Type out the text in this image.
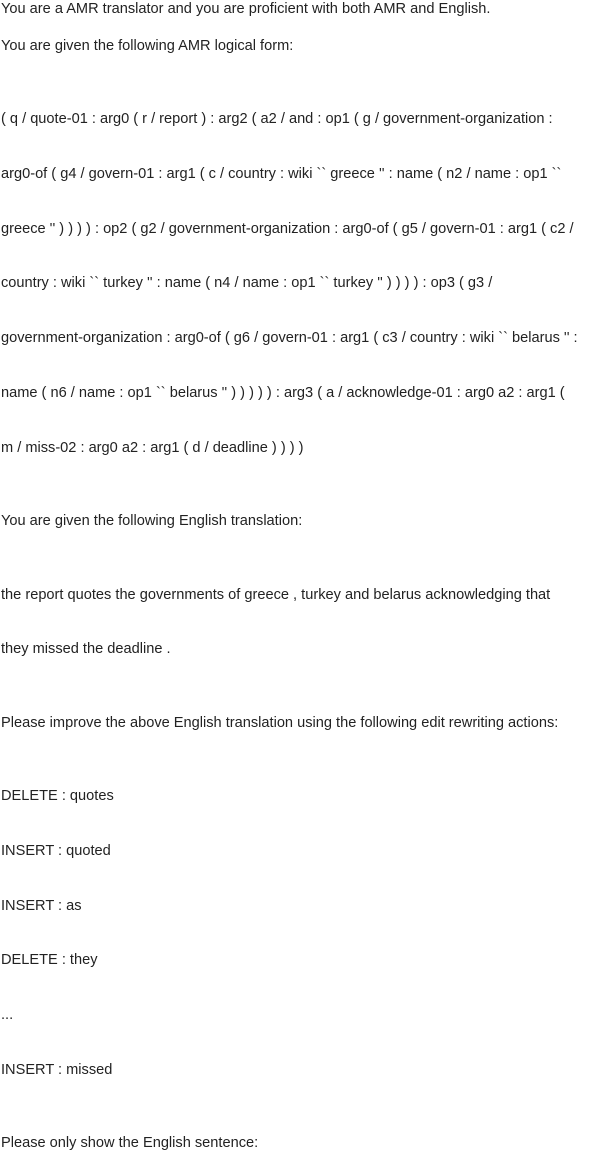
You are a AMR translator and you are proficient with both AMR and English.
You are given the following AMR logical form:

( q / quote-01 : arg0 ( r / report ) : arg2 ( a2 / and : op1 ( g / government-organization :

arg0-of ( g4 / govern-01 : arg1 ( c / country : wiki `` greece '' : name ( n2 / name : op1 ``

greece '' ) ) ) ) : op2 ( g2 / government-organization : arg0-of ( g5 / govern-01 : arg1 ( c2 /

country : wiki `` turkey '' : name ( n4 / name : op1 `` turkey '' ) ) ) ) : op3 ( g3 /

government-organization : arg0-of ( g6 / govern-01 : arg1 ( c3 / country : wiki `` belarus '' :

name ( n6 / name : op1 `` belarus '' ) ) ) ) ) : arg3 ( a / acknowledge-01 : arg0 a2 : arg1 (

m / miss-02 : arg0 a2 : arg1 ( d / deadline ) ) ) )

You are given the following English translation:

the report quotes the governments of greece , turkey and belarus acknowledging that

they missed the deadline .

Please improve the above English translation using the following edit rewriting actions:

DELETE : quotes

INSERT : quoted

INSERT : as

DELETE : they

...

INSERT : missed

Please only show the English sentence:
